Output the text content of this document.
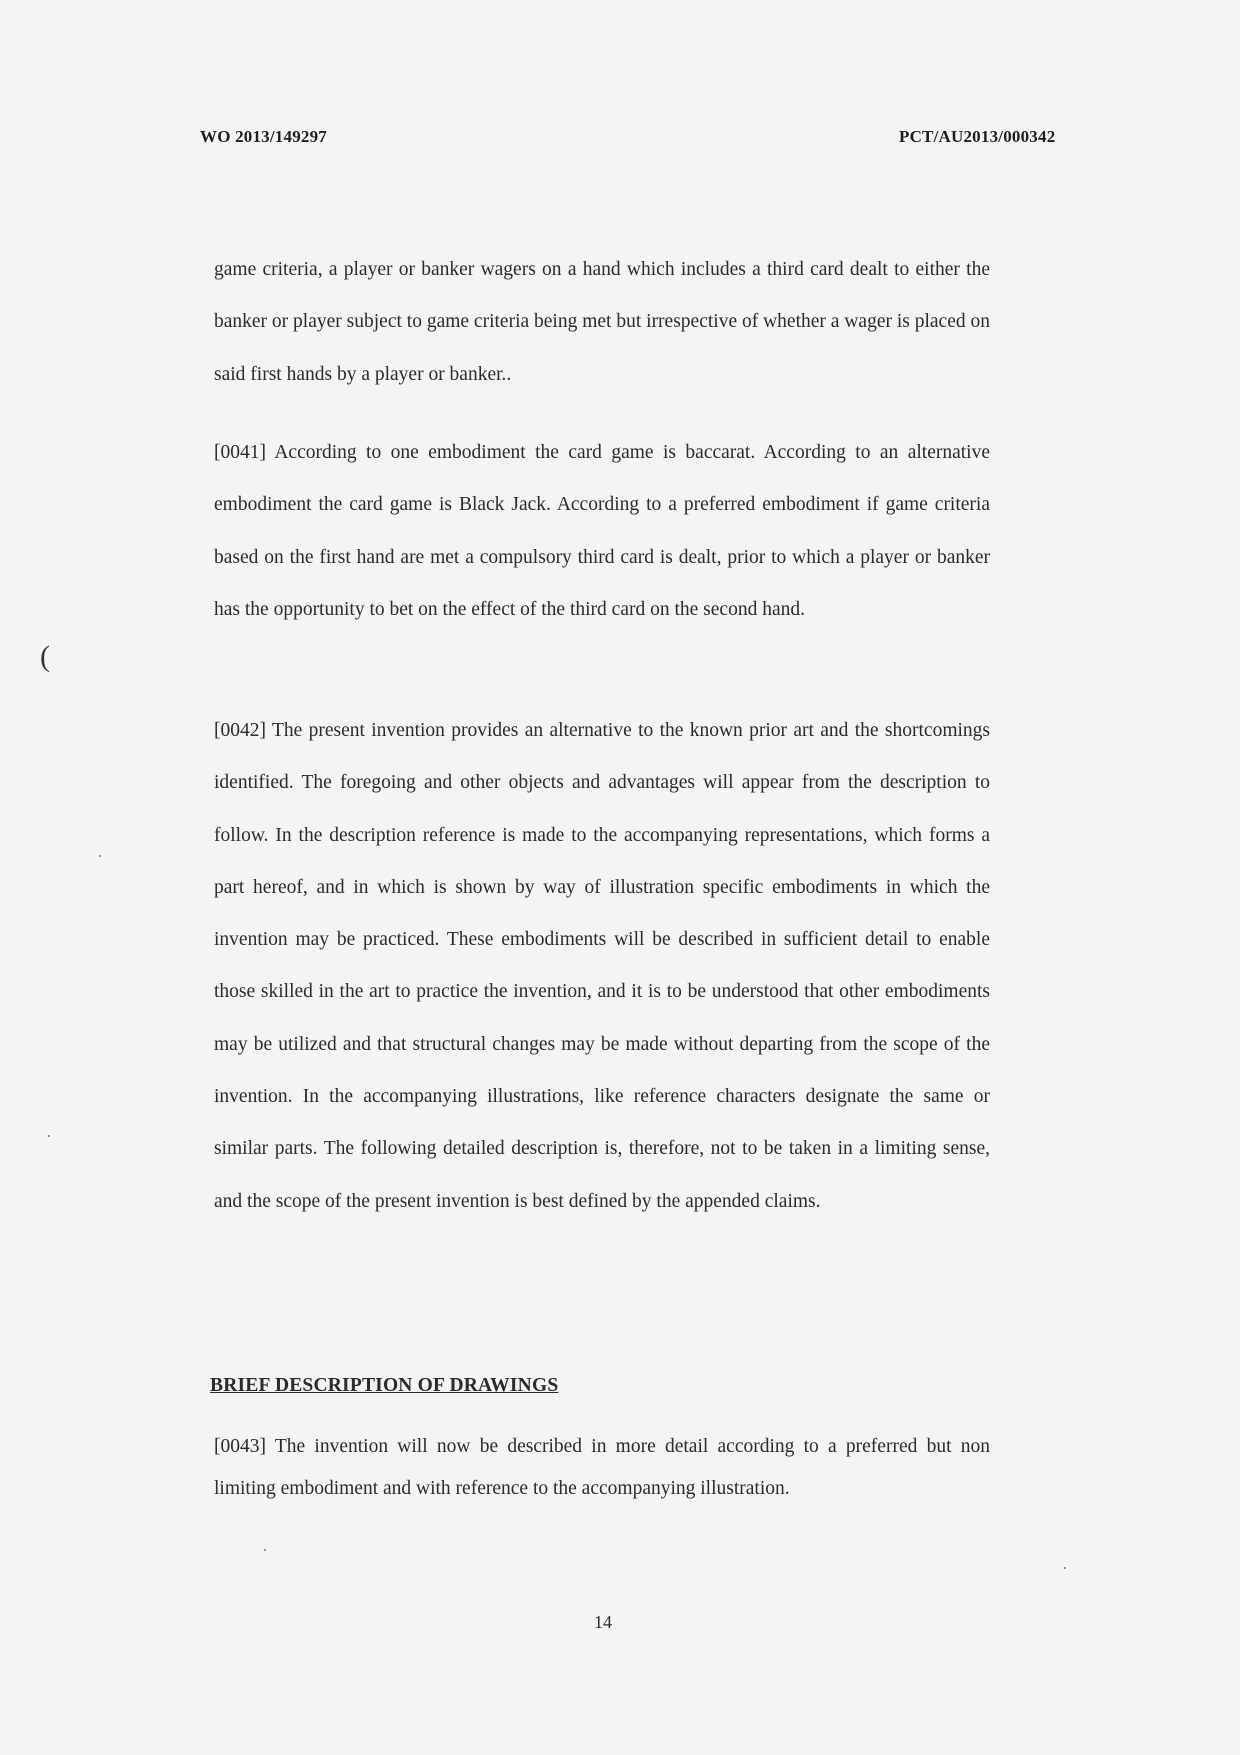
WO 2013/149297	PCT/AU2013/000342

game criteria, a player or banker wagers on a hand which includes a third card dealt to either the banker or player subject to game criteria being met but irrespective of whether a wager is placed on said first hands by a player or banker..

[0041] According to one embodiment the card game is baccarat. According to an alternative embodiment the card game is Black Jack. According to a preferred embodiment if game criteria based on the first hand are met a compulsory third card is dealt, prior to which a player or banker has the opportunity to bet on the effect of the third card on the second hand.

[0042] The present invention provides an alternative to the known prior art and the shortcomings identified. The foregoing and other objects and advantages will appear from the description to follow. In the description reference is made to the accompanying representations, which forms a part hereof, and in which is shown by way of illustration specific embodiments in which the invention may be practiced. These embodiments will be described in sufficient detail to enable those skilled in the art to practice the invention, and it is to be understood that other embodiments may be utilized and that structural changes may be made without departing from the scope of the invention. In the accompanying illustrations, like reference characters designate the same or similar parts. The following detailed description is, therefore, not to be taken in a limiting sense, and the scope of the present invention is best defined by the appended claims.

BRIEF DESCRIPTION OF DRAWINGS

[0043] The invention will now be described in more detail according to a preferred but non limiting embodiment and with reference to the accompanying illustration.

(
14
